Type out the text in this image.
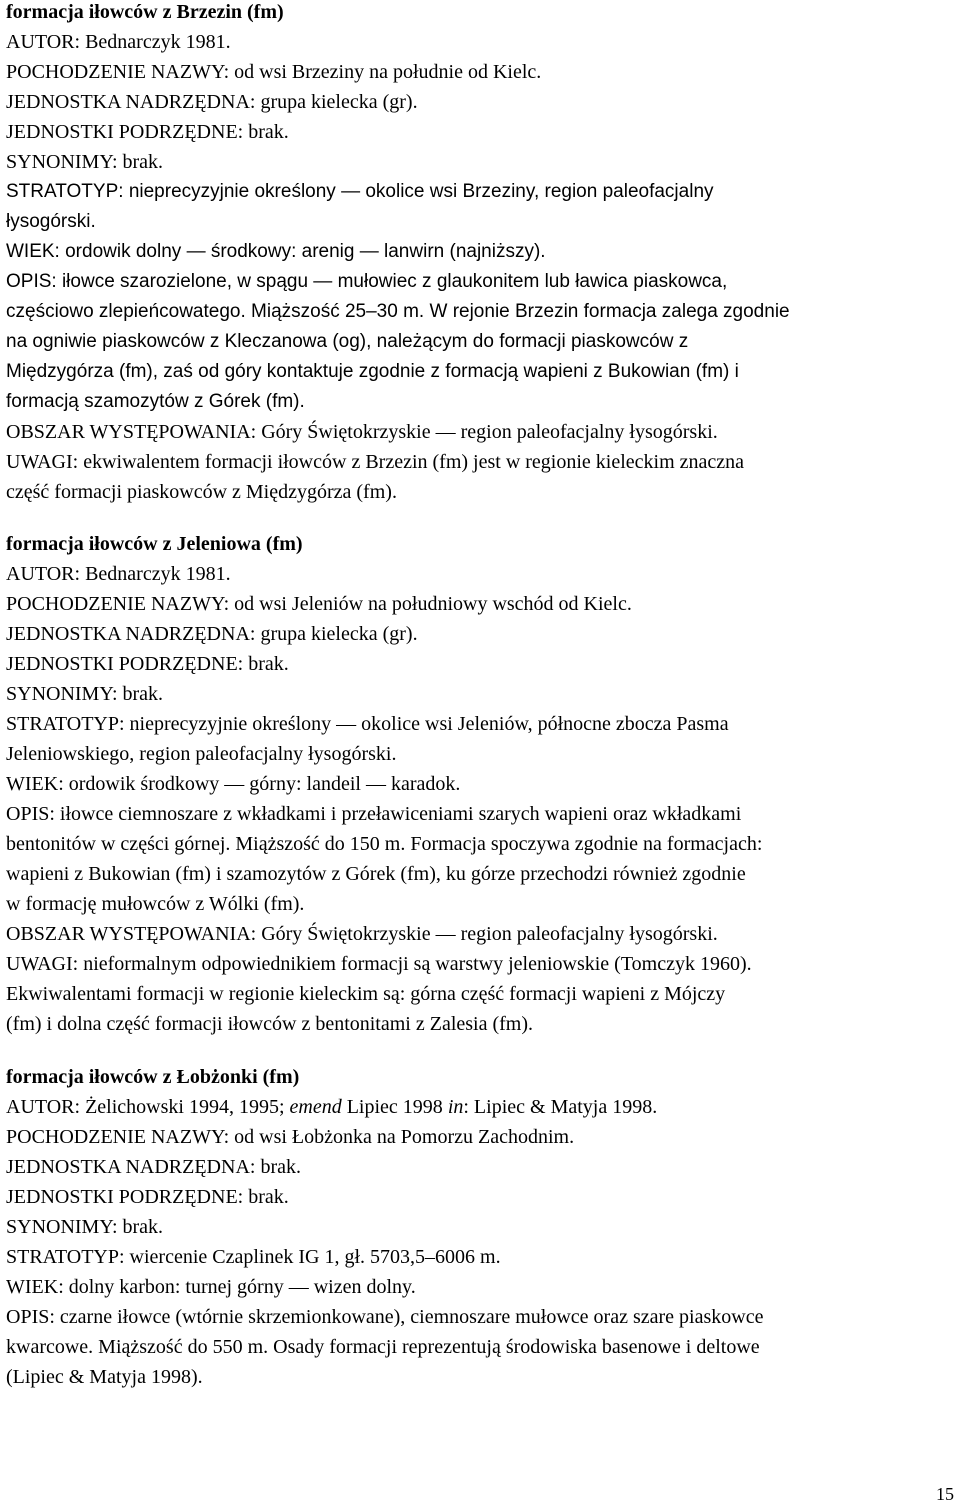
formacja iłowców z Brzezin (fm)
AUTOR: Bednarczyk 1981.
POCHODZENIE NAZWY: od wsi Brzeziny na południe od Kielc.
JEDNOSTKA NADRZĘDNA: grupa kielecka (gr).
JEDNOSTKI PODRZĘDNE: brak.
SYNONIMY: brak.
STRATOTYP: nieprecyzyjnie określony — okolice wsi Brzeziny, region paleofacjalny
łysogórski.
WIEK: ordowik dolny — środkowy: arenig — lanwirn (najniższy).
OPIS: iłowce szarozielone, w spągu — mułowiec z glaukonitem lub ławica piaskowca,
częściowo zlepieńcowatego. Miąższość 25–30 m. W rejonie Brzezin formacja zalega zgodnie
na ogniwie piaskowców z Kleczanowa (og), należącym do formacji piaskowców z
Międzygórza (fm), zaś od góry kontaktuje zgodnie z formacją wapieni z Bukowian (fm) i
formacją szamozytów z Górek (fm).
OBSZAR WYSTĘPOWANIA: Góry Świętokrzyskie — region paleofacjalny łysogórski.
UWAGI: ekwiwalentem formacji iłowców z Brzezin (fm) jest w regionie kieleckim znaczna
część formacji piaskowców z Międzygórza (fm).
formacja iłowców z Jeleniowa (fm)
AUTOR: Bednarczyk 1981.
POCHODZENIE NAZWY: od wsi Jeleniów na południowy wschód od Kielc.
JEDNOSTKA NADRZĘDNA: grupa kielecka (gr).
JEDNOSTKI PODRZĘDNE: brak.
SYNONIMY: brak.
STRATOTYP: nieprecyzyjnie określony — okolice wsi Jeleniów, północne zbocza Pasma
Jeleniowskiego, region paleofacjalny łysogórski.
WIEK: ordowik środkowy — górny: landeil — karadok.
OPIS: iłowce ciemnoszare z wkładkami i przeławiceniami szarych wapieni oraz wkładkami
bentonitów w części górnej. Miąższość do 150 m. Formacja spoczywa zgodnie na formacjach:
wapieni z Bukowian (fm) i szamozytów z Górek (fm), ku górze przechodzi również zgodnie
w formację mułowców z Wólki (fm).
OBSZAR WYSTĘPOWANIA: Góry Świętokrzyskie — region paleofacjalny łysogórski.
UWAGI: nieformalnym odpowiednikiem formacji są warstwy jeleniowskie (Tomczyk 1960).
Ekwiwalentami formacji w regionie kieleckim są: górna część formacji wapieni z Mójczy
(fm) i dolna część formacji iłowców z bentonitami z Zalesia (fm).
formacja iłowców z Łobżonki (fm)
AUTOR: Żelichowski 1994, 1995; emend Lipiec 1998 in: Lipiec & Matyja 1998.
POCHODZENIE NAZWY: od wsi Łobżonka na Pomorzu Zachodnim.
JEDNOSTKA NADRZĘDNA: brak.
JEDNOSTKI PODRZĘDNE: brak.
SYNONIMY: brak.
STRATOTYP: wiercenie Czaplinek IG 1, gł. 5703,5–6006 m.
WIEK: dolny karbon: turnej górny — wizen dolny.
OPIS: czarne iłowce (wtórnie skrzemionkowane), ciemnoszare mułowce oraz szare piaskowce
kwarcowe. Miąższość do 550 m. Osady formacji reprezentują środowiska basenowe i deltowe
(Lipiec & Matyja 1998).
15
